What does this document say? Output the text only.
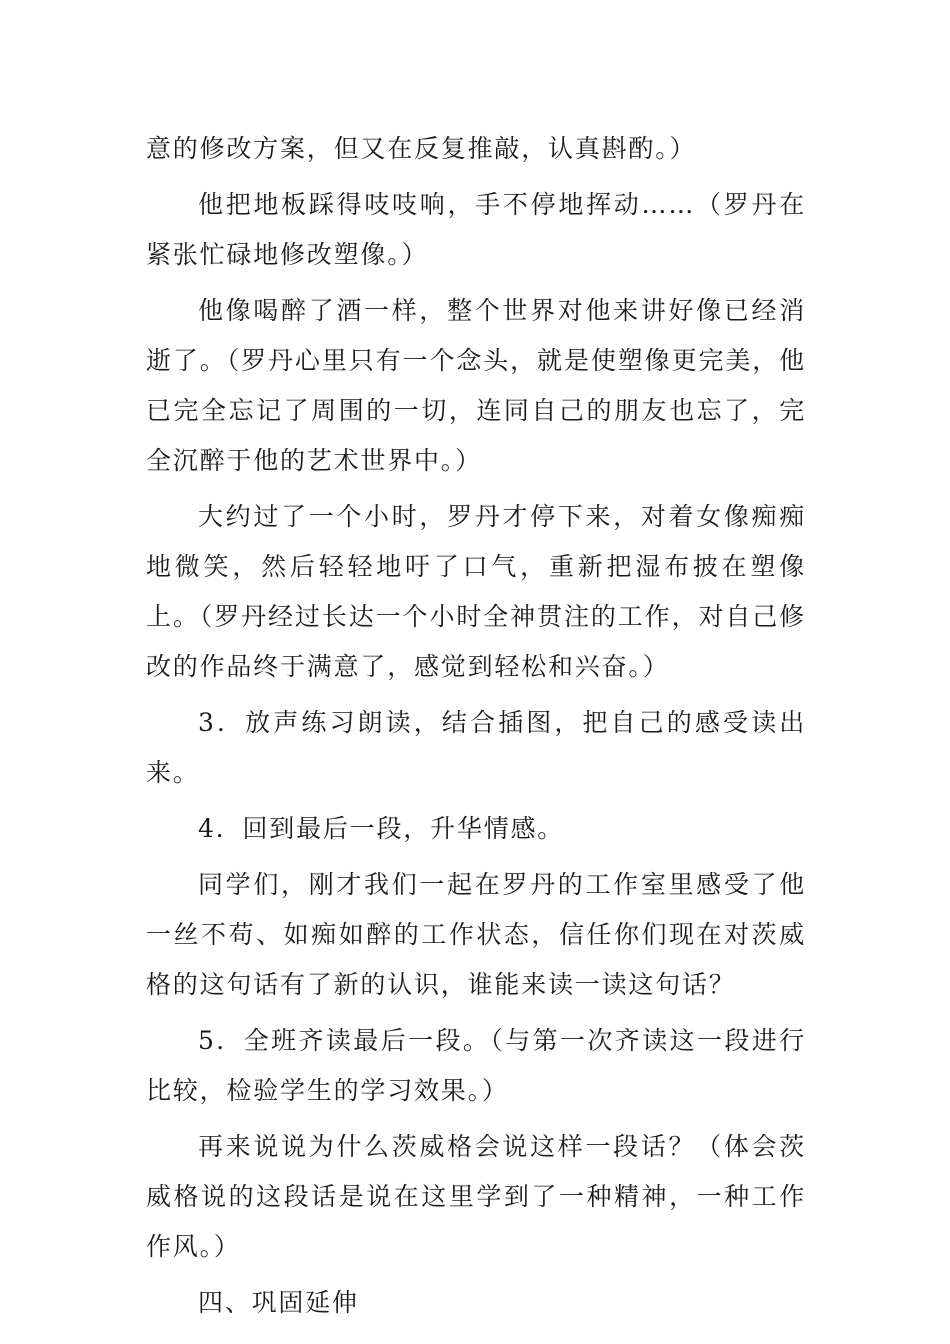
意的修改方案，但又在反复推敲，认真斟酌。）

他把地板踩得吱吱响，手不停地挥动……（罗丹在紧张忙碌地修改塑像。）

他像喝醉了酒一样，整个世界对他来讲好像已经消逝了。（罗丹心里只有一个念头，就是使塑像更完美，他已完全忘记了周围的一切，连同自己的朋友也忘了，完全沉醉于他的艺术世界中。）

大约过了一个小时，罗丹才停下来，对着女像痴痴地微笑，然后轻轻地吁了口气，重新把湿布披在塑像上。（罗丹经过长达一个小时全神贯注的工作，对自己修改的作品终于满意了，感觉到轻松和兴奋。）

3．放声练习朗读，结合插图，把自己的感受读出来。

4．回到最后一段，升华情感。

同学们，刚才我们一起在罗丹的工作室里感受了他一丝不苟、如痴如醉的工作状态，信任你们现在对茨威格的这句话有了新的认识，谁能来读一读这句话？

5．全班齐读最后一段。（与第一次齐读这一段进行比较，检验学生的学习效果。）

再来说说为什么茨威格会说这样一段话？（体会茨威格说的这段话是说在这里学到了一种精神，一种工作作风。）

四、巩固延伸
